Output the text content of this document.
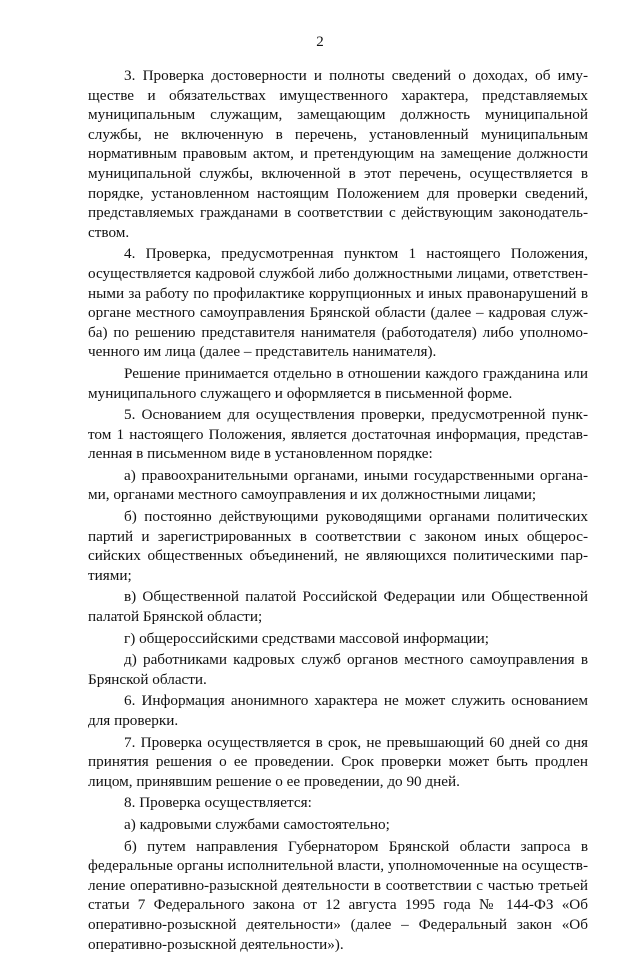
2

3. Проверка достоверности и полноты сведений о доходах, об имуществе и обязательствах имущественного характера, представляемых муниципальным служащим, замещающим должность муниципальной службы, не включенную в перечень, установленный муниципальным нормативным правовым актом, и претендующим на замещение должности муниципальной службы, включенной в этот перечень, осуществляется в порядке, установленном настоящим Положением для проверки сведений, представляемых гражданами в соответствии с действующим законодательством.

4. Проверка, предусмотренная пунктом 1 настоящего Положения, осуществляется кадровой службой либо должностными лицами, ответственными за работу по профилактике коррупционных и иных правонарушений в органе местного самоуправления Брянской области (далее – кадровая служба) по решению представителя нанимателя (работодателя) либо уполномоченного им лица (далее – представитель нанимателя).

Решение принимается отдельно в отношении каждого гражданина или муниципального служащего и оформляется в письменной форме.

5. Основанием для осуществления проверки, предусмотренной пунктом 1 настоящего Положения, является достаточная информация, представленная в письменном виде в установленном порядке:

а) правоохранительными органами, иными государственными органами, органами местного самоуправления и их должностными лицами;

б) постоянно действующими руководящими органами политических партий и зарегистрированных в соответствии с законом иных общероссийских общественных объединений, не являющихся политическими партиями;

в) Общественной палатой Российской Федерации или Общественной палатой Брянской области;

г) общероссийскими средствами массовой информации;

д) работниками кадровых служб органов местного самоуправления в Брянской области.

6. Информация анонимного характера не может служить основанием для проверки.

7. Проверка осуществляется в срок, не превышающий 60 дней со дня принятия решения о ее проведении. Срок проверки может быть продлен лицом, принявшим решение о ее проведении, до 90 дней.

8. Проверка осуществляется:

а) кадровыми службами самостоятельно;

б) путем направления Губернатором Брянской области запроса в федеральные органы исполнительной власти, уполномоченные на осуществление оперативно-разыскной деятельности в соответствии с частью третьей статьи 7 Федерального закона от 12 августа 1995 года № 144-ФЗ «Об оперативно-розыскной деятельности» (далее – Федеральный закон «Об оперативно-розыскной деятельности»).
